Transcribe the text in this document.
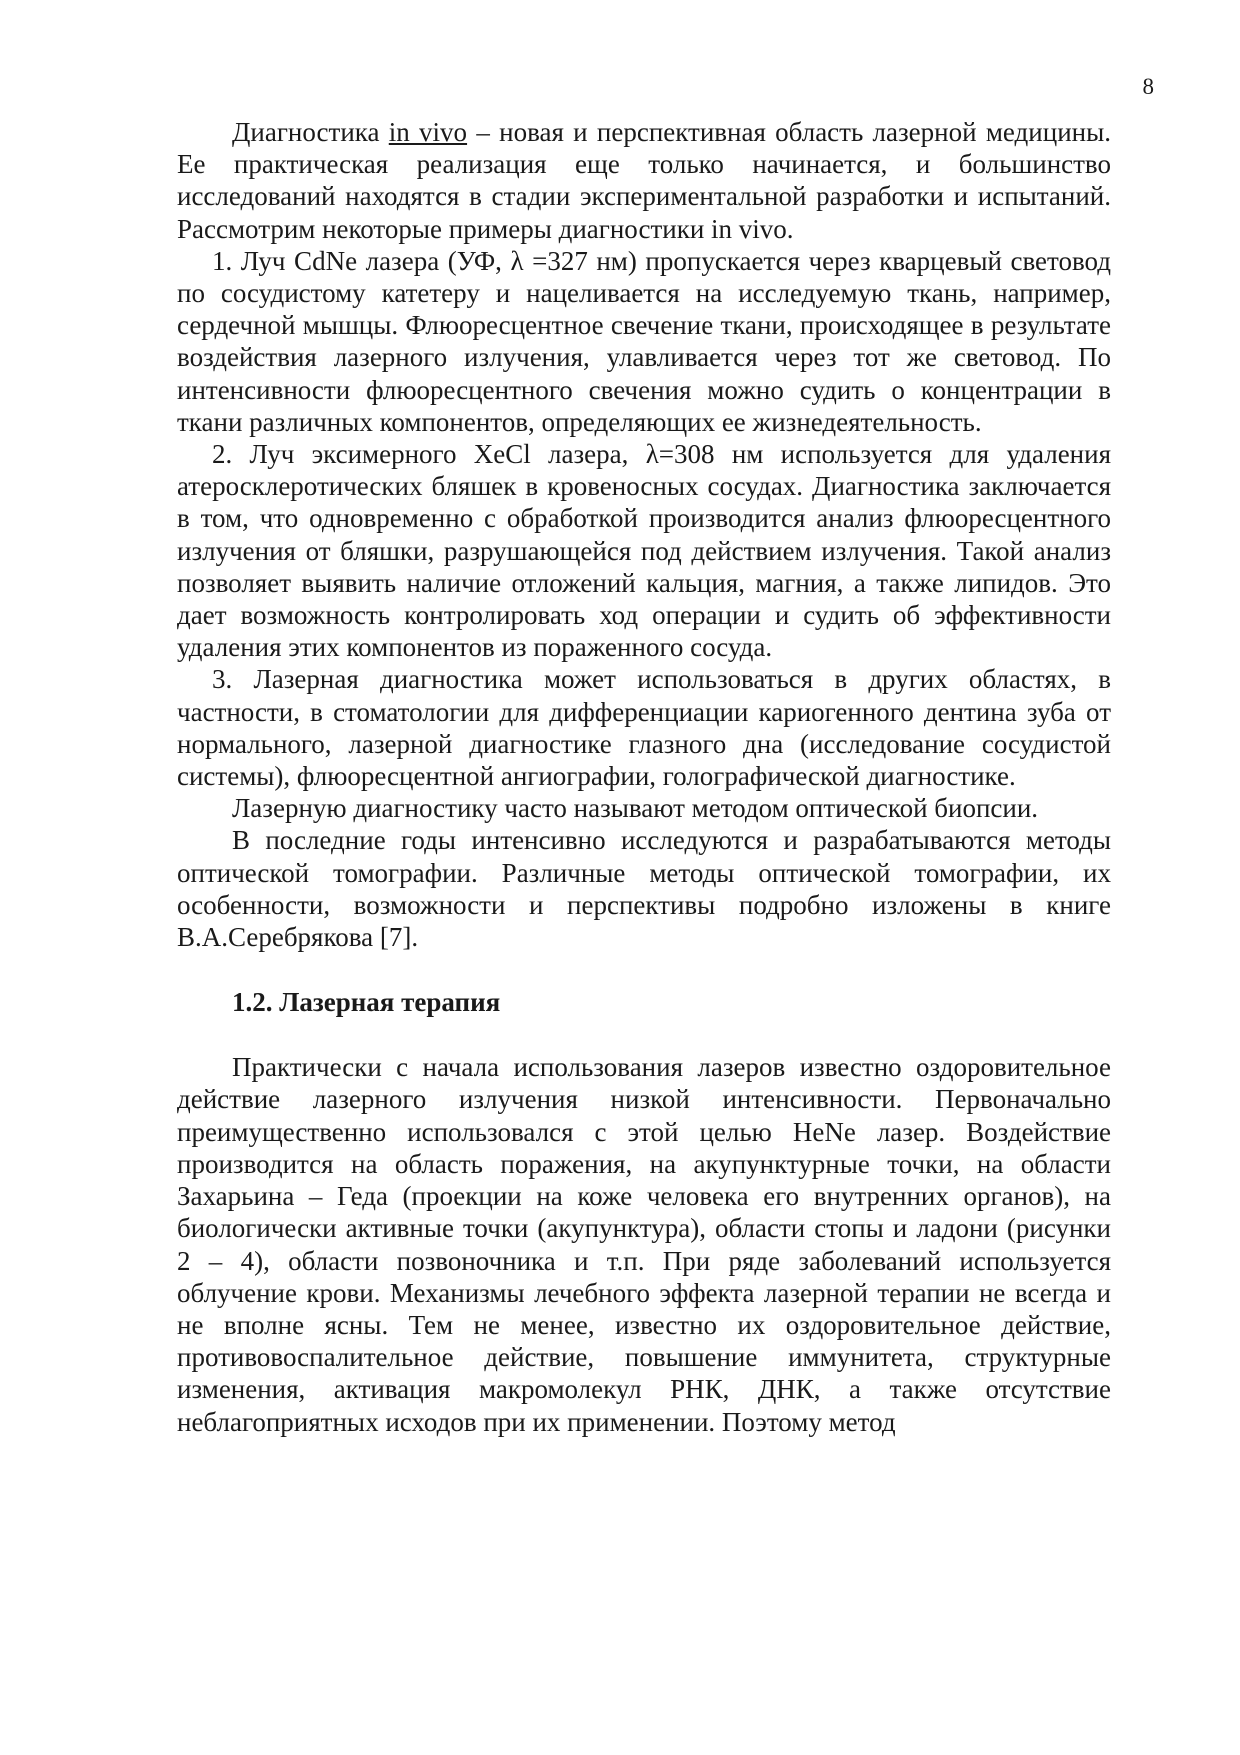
8

Диагностика in vivo – новая и перспективная область лазерной медицины. Ее практическая реализация еще только начинается, и большинство исследований находятся в стадии экспериментальной разработки и испытаний. Рассмотрим некоторые примеры диагностики in vivo.

1. Луч CdNe лазера (УФ, λ =327 нм) пропускается через кварцевый световод по сосудистому катетеру и нацеливается на исследуемую ткань, например, сердечной мышцы. Флюоресцентное свечение ткани, происходящее в результате воздействия лазерного излучения, улавливается через тот же световод. По интенсивности флюоресцентного свечения можно судить о концентрации в ткани различных компонентов, определяющих ее жизнедеятельность.

2. Луч эксимерного XeCl лазера, λ=308 нм используется для удаления атеросклеротических бляшек в кровеносных сосудах. Диагностика заключается в том, что одновременно с обработкой производится анализ флюоресцентного излучения от бляшки, разрушающейся под действием излучения. Такой анализ позволяет выявить наличие отложений кальция, магния, а также липидов. Это дает возможность контролировать ход операции и судить об эффективности удаления этих компонентов из пораженного сосуда.

3. Лазерная диагностика может использоваться в других областях, в частности, в стоматологии для дифференциации кариогенного дентина зуба от нормального, лазерной диагностике глазного дна (исследование сосудистой системы), флюоресцентной ангиографии, голографической диагностике.

Лазерную диагностику часто называют методом оптической биопсии.

В последние годы интенсивно исследуются и разрабатываются методы оптической томографии. Различные методы оптической томографии, их особенности, возможности и перспективы подробно изложены в книге В.А.Серебрякова [7].

1.2. Лазерная терапия

Практически с начала использования лазеров известно оздоровительное действие лазерного излучения низкой интенсивности. Первоначально преимущественно использовался с этой целью HeNe лазер. Воздействие производится на область поражения, на акупунктурные точки, на области Захарьина – Геда (проекции на коже человека его внутренних органов), на биологически активные точки (акупунктура), области стопы и ладони (рисунки 2 – 4), области позвоночника и т.п. При ряде заболеваний используется облучение крови. Механизмы лечебного эффекта лазерной терапии не всегда и не вполне ясны. Тем не менее, известно их оздоровительное действие, противовоспалительное действие, повышение иммунитета, структурные изменения, активация макромолекул РНК, ДНК, а также отсутствие неблагоприятных исходов при их применении. Поэтому метод
